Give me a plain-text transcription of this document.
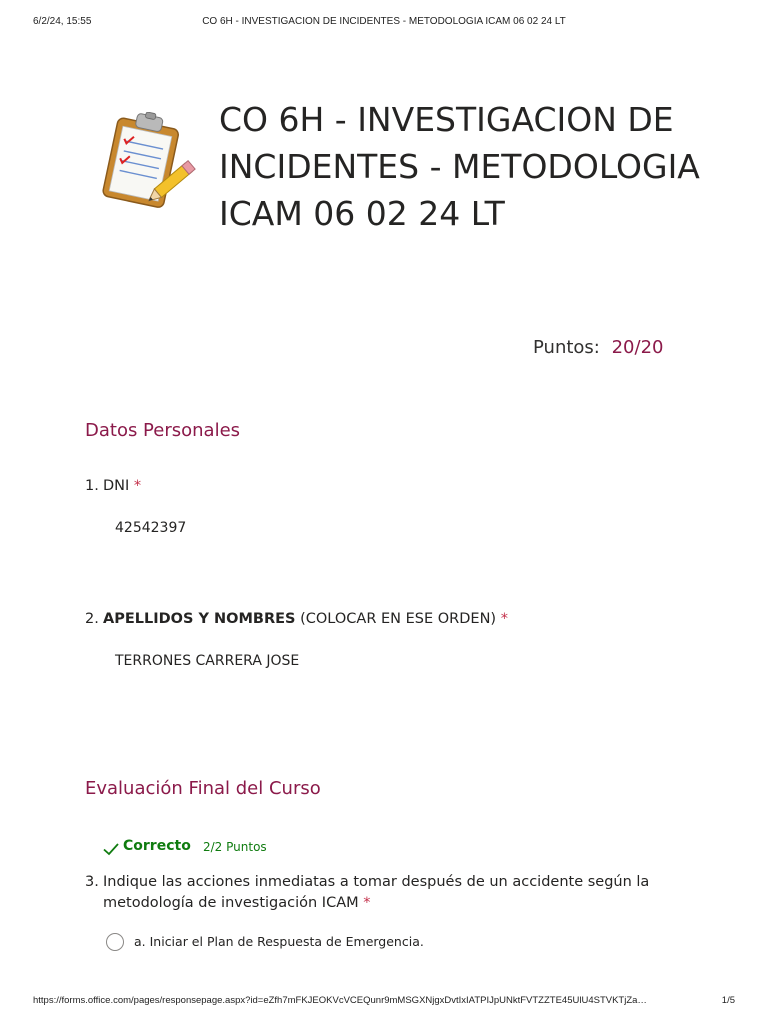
6/2/24, 15:55	CO 6H - INVESTIGACION DE INCIDENTES - METODOLOGIA ICAM 06 02 24 LT
CO 6H - INVESTIGACION DE INCIDENTES - METODOLOGIA ICAM 06 02 24 LT
Puntos: 20/20
Datos Personales
1. DNI *
42542397
2. APELLIDOS Y NOMBRES (COLOCAR EN ESE ORDEN) *
TERRONES CARRERA JOSE
Evaluación Final del Curso
Correcto 2/2 Puntos
3. Indique las acciones inmediatas a tomar después de un accidente según la metodología de investigación ICAM *
a. Iniciar el Plan de Respuesta de Emergencia.
https://forms.office.com/pages/responsepage.aspx?id=eZfh7mFKJEOKVcVCEQunr9mMSGXNjgxDvtIxIATPIJpUNktFVTZZTE45UlU4STVKTjZa…	1/5
